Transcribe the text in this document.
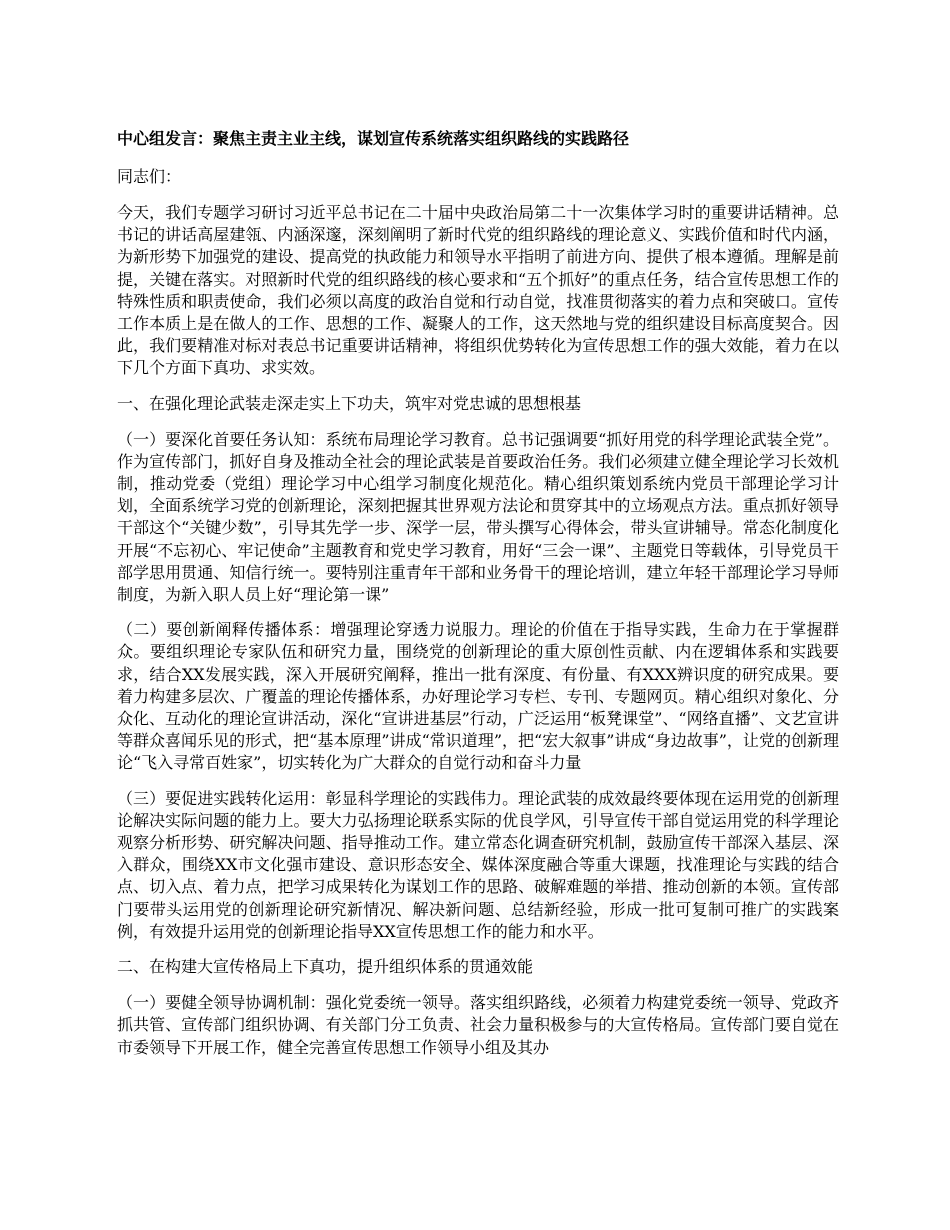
中心组发言：聚焦主责主业主线，谋划宣传系统落实组织路线的实践路径
同志们：
今天，我们专题学习研讨习近平总书记在二十届中央政治局第二十一次集体学习时的重要讲话精神。总书记的讲话高屋建瓴、内涵深邃，深刻阐明了新时代党的组织路线的理论意义、实践价值和时代内涵，为新形势下加强党的建设、提高党的执政能力和领导水平指明了前进方向、提供了根本遵循。理解是前提，关键在落实。对照新时代党的组织路线的核心要求和“五个抓好”的重点任务，结合宣传思想工作的特殊性质和职责使命，我们必须以高度的政治自觉和行动自觉，找准贯彻落实的着力点和突破口。宣传工作本质上是在做人的工作、思想的工作、凝聚人的工作，这天然地与党的组织建设目标高度契合。因此，我们要精准对标对表总书记重要讲话精神，将组织优势转化为宣传思想工作的强大效能，着力在以下几个方面下真功、求实效。
一、在强化理论武装走深走实上下功夫，筑牢对党忠诚的思想根基
（一）要深化首要任务认知：系统布局理论学习教育。总书记强调要“抓好用党的科学理论武装全党”。作为宣传部门，抓好自身及推动全社会的理论武装是首要政治任务。我们必须建立健全理论学习长效机制，推动党委（党组）理论学习中心组学习制度化规范化。精心组织策划系统内党员干部理论学习计划，全面系统学习党的创新理论，深刻把握其世界观方法论和贯穿其中的立场观点方法。重点抓好领导干部这个“关键少数”，引导其先学一步、深学一层，带头撰写心得体会，带头宣讲辅导。常态化制度化开展“不忘初心、牢记使命”主题教育和党史学习教育，用好“三会一课”、主题党日等载体，引导党员干部学思用贯通、知信行统一。要特别注重青年干部和业务骨干的理论培训，建立年轻干部理论学习导师制度，为新入职人员上好“理论第一课”
（二）要创新阐释传播体系：增强理论穿透力说服力。理论的价值在于指导实践，生命力在于掌握群众。要组织理论专家队伍和研究力量，围绕党的创新理论的重大原创性贡献、内在逻辑体系和实践要求，结合XX发展实践，深入开展研究阐释，推出一批有深度、有份量、有XXX辨识度的研究成果。要着力构建多层次、广覆盖的理论传播体系，办好理论学习专栏、专刊、专题网页。精心组织对象化、分众化、互动化的理论宣讲活动，深化“宣讲进基层”行动，广泛运用“板凳课堂”、“网络直播”、文艺宣讲等群众喜闻乐见的形式，把“基本原理”讲成“常识道理”，把“宏大叙事”讲成“身边故事”，让党的创新理论“飞入寻常百姓家”，切实转化为广大群众的自觉行动和奋斗力量
（三）要促进实践转化运用：彰显科学理论的实践伟力。理论武装的成效最终要体现在运用党的创新理论解决实际问题的能力上。要大力弘扬理论联系实际的优良学风，引导宣传干部自觉运用党的科学理论观察分析形势、研究解决问题、指导推动工作。建立常态化调查研究机制，鼓励宣传干部深入基层、深入群众，围绕XX市文化强市建设、意识形态安全、媒体深度融合等重大课题，找准理论与实践的结合点、切入点、着力点，把学习成果转化为谋划工作的思路、破解难题的举措、推动创新的本领。宣传部门要带头运用党的创新理论研究新情况、解决新问题、总结新经验，形成一批可复制可推广的实践案例，有效提升运用党的创新理论指导XX宣传思想工作的能力和水平。
二、在构建大宣传格局上下真功，提升组织体系的贯通效能
（一）要健全领导协调机制：强化党委统一领导。落实组织路线，必须着力构建党委统一领导、党政齐抓共管、宣传部门组织协调、有关部门分工负责、社会力量积极参与的大宣传格局。宣传部门要自觉在市委领导下开展工作，健全完善宣传思想工作领导小组及其办
